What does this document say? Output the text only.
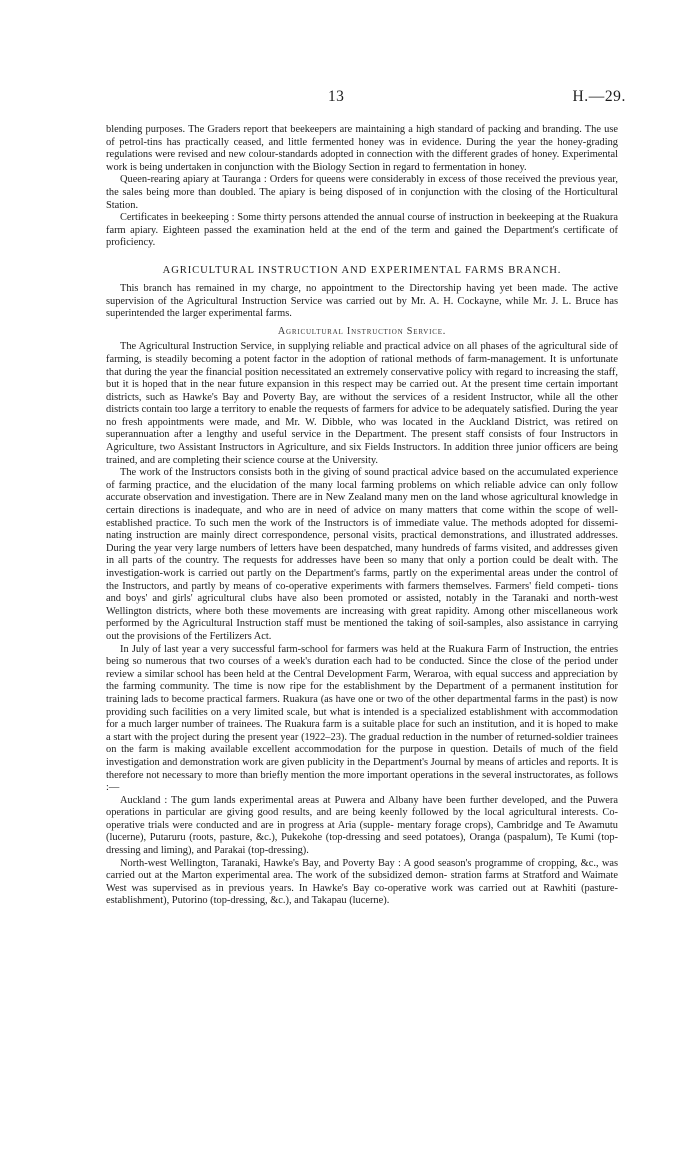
13	H.—29.

blending purposes. The Graders report that beekeepers are maintaining a high standard of packing and branding. The use of petrol-tins has practically ceased, and little fermented honey was in evidence. During the year the honey-grading regulations were revised and new colour-standards adopted in connection with the different grades of honey. Experimental work is being undertaken in conjunction with the Biology Section in regard to fermentation in honey.

Queen-rearing apiary at Tauranga : Orders for queens were considerably in excess of those received the previous year, the sales being more than doubled. The apiary is being disposed of in conjunction with the closing of the Horticultural Station.

Certificates in beekeeping : Some thirty persons attended the annual course of instruction in beekeeping at the Ruakura farm apiary. Eighteen passed the examination held at the end of the term and gained the Department's certificate of proficiency.

AGRICULTURAL INSTRUCTION AND EXPERIMENTAL FARMS BRANCH.

This branch has remained in my charge, no appointment to the Directorship having yet been made. The active supervision of the Agricultural Instruction Service was carried out by Mr. A. H. Cockayne, while Mr. J. L. Bruce has superintended the larger experimental farms.

Agricultural Instruction Service.

The Agricultural Instruction Service, in supplying reliable and practical advice on all phases of the agricultural side of farming, is steadily becoming a potent factor in the adoption of rational methods of farm-management. It is unfortunate that during the year the financial position necessitated an extremely conservative policy with regard to increasing the staff, but it is hoped that in the near future expansion in this respect may be carried out. At the present time certain important districts, such as Hawke's Bay and Poverty Bay, are without the services of a resident Instructor, while all the other districts contain too large a territory to enable the requests of farmers for advice to be adequately satisfied. During the year no fresh appointments were made, and Mr. W. Dibble, who was located in the Auckland District, was retired on superannuation after a lengthy and useful service in the Department. The present staff consists of four Instructors in Agriculture, two Assistant Instructors in Agriculture, and six Fields Instructors. In addition three junior officers are being trained, and are completing their science course at the University.

The work of the Instructors consists both in the giving of sound practical advice based on the accumulated experience of farming practice, and the elucidation of the many local farming problems on which reliable advice can only follow accurate observation and investigation. There are in New Zealand many men on the land whose agricultural knowledge in certain directions is inadequate, and who are in need of advice on many matters that come within the scope of well-established practice. To such men the work of the Instructors is of immediate value. The methods adopted for dissemi- nating instruction are mainly direct correspondence, personal visits, practical demonstrations, and illustrated addresses. During the year very large numbers of letters have been despatched, many hundreds of farms visited, and addresses given in all parts of the country. The requests for addresses have been so many that only a portion could be dealt with. The investigation-work is carried out partly on the Department's farms, partly on the experimental areas under the control of the Instructors, and partly by means of co-operative experiments with farmers themselves. Farmers' field competi- tions and boys' and girls' agricultural clubs have also been promoted or assisted, notably in the Taranaki and north-west Wellington districts, where both these movements are increasing with great rapidity. Among other miscellaneous work performed by the Agricultural Instruction staff must be mentioned the taking of soil-samples, also assistance in carrying out the provisions of the Fertilizers Act.

In July of last year a very successful farm-school for farmers was held at the Ruakura Farm of Instruction, the entries being so numerous that two courses of a week's duration each had to be conducted. Since the close of the period under review a similar school has been held at the Central Development Farm, Weraroa, with equal success and appreciation by the farming community. The time is now ripe for the establishment by the Department of a permanent institution for training lads to become practical farmers. Ruakura (as have one or two of the other departmental farms in the past) is now providing such facilities on a very limited scale, but what is intended is a specialized establishment with accommodation for a much larger number of trainees. The Ruakura farm is a suitable place for such an institution, and it is hoped to make a start with the project during the present year (1922–23). The gradual reduction in the number of returned-soldier trainees on the farm is making available excellent accommodation for the purpose in question. Details of much of the field investigation and demonstration work are given publicity in the Department's Journal by means of articles and reports. It is therefore not necessary to more than briefly mention the more important operations in the several instructorates, as follows :—

Auckland : The gum lands experimental areas at Puwera and Albany have been further developed, and the Puwera operations in particular are giving good results, and are being keenly followed by the local agricultural interests. Co-operative trials were conducted and are in progress at Aria (supple- mentary forage crops), Cambridge and Te Awamutu (lucerne), Putaruru (roots, pasture, &c.), Pukekohe (top-dressing and seed potatoes), Oranga (paspalum), Te Kumi (top-dressing and liming), and Parakai (top-dressing).

North-west Wellington, Taranaki, Hawke's Bay, and Poverty Bay : A good season's programme of cropping, &c., was carried out at the Marton experimental area. The work of the subsidized demon- stration farms at Stratford and Waimate West was supervised as in previous years. In Hawke's Bay co-operative work was carried out at Rawhiti (pasture-establishment), Putorino (top-dressing, &c.), and Takapau (lucerne).
